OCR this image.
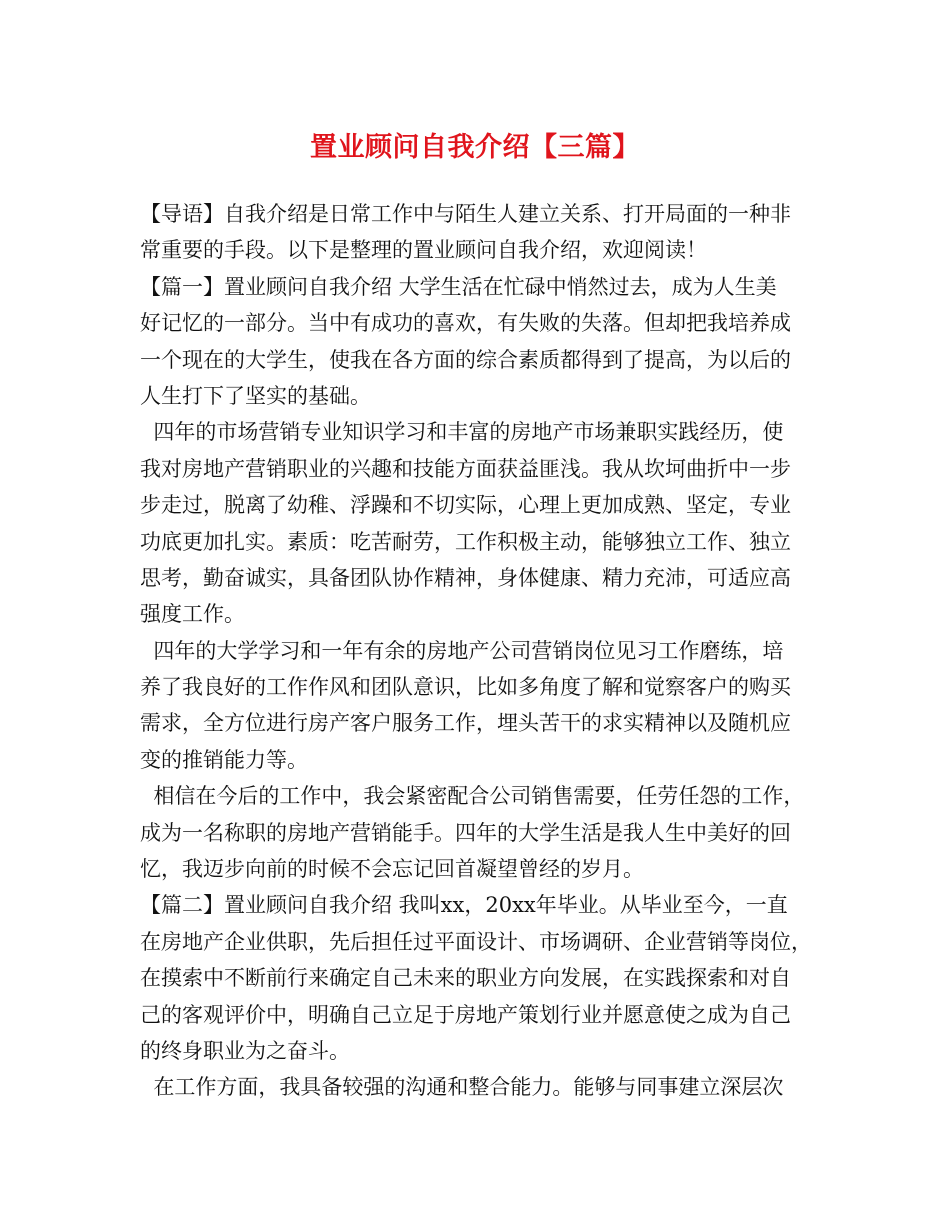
置业顾问自我介绍【三篇】
【导语】自我介绍是日常工作中与陌生人建立关系、打开局面的一种非
常重要的手段。以下是整理的置业顾问自我介绍，欢迎阅读！
【篇一】置业顾问自我介绍 大学生活在忙碌中悄然过去，成为人生美
好记忆的一部分。当中有成功的喜欢，有失败的失落。但却把我培养成
一个现在的大学生，使我在各方面的综合素质都得到了提高，为以后的
人生打下了坚实的基础。
四年的市场营销专业知识学习和丰富的房地产市场兼职实践经历，使
我对房地产营销职业的兴趣和技能方面获益匪浅。我从坎坷曲折中一步
步走过，脱离了幼稚、浮躁和不切实际，心理上更加成熟、坚定，专业
功底更加扎实。素质：吃苦耐劳，工作积极主动，能够独立工作、独立
思考，勤奋诚实，具备团队协作精神，身体健康、精力充沛，可适应高
强度工作。
四年的大学学习和一年有余的房地产公司营销岗位见习工作磨练，培
养了我良好的工作作风和团队意识，比如多角度了解和觉察客户的购买
需求，全方位进行房产客户服务工作，埋头苦干的求实精神以及随机应
变的推销能力等。
相信在今后的工作中，我会紧密配合公司销售需要，任劳任怨的工作，
成为一名称职的房地产营销能手。四年的大学生活是我人生中美好的回
忆，我迈步向前的时候不会忘记回首凝望曾经的岁月。
【篇二】置业顾问自我介绍 我叫xx，20xx年毕业。从毕业至今，一直
在房地产企业供职，先后担任过平面设计、市场调研、企业营销等岗位，
在摸索中不断前行来确定自己未来的职业方向发展，在实践探索和对自
己的客观评价中，明确自己立足于房地产策划行业并愿意使之成为自己
的终身职业为之奋斗。
在工作方面，我具备较强的沟通和整合能力。能够与同事建立深层次
